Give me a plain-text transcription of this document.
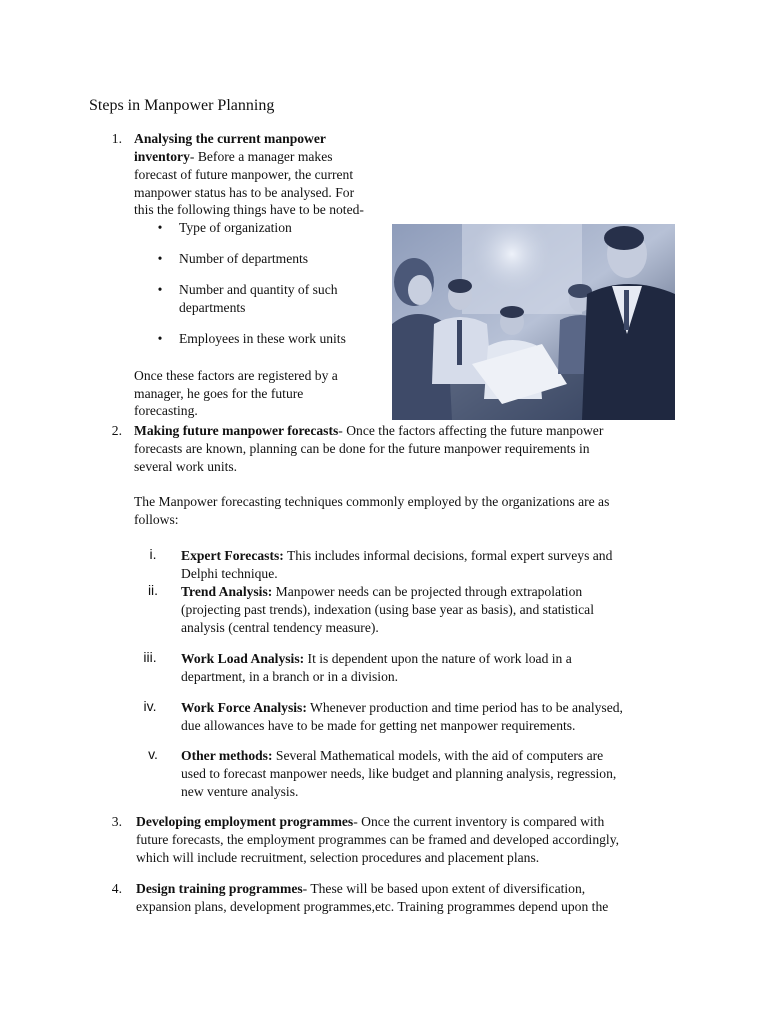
Steps in Manpower Planning
1. Analysing the current manpower
inventory- Before a manager makes
forecast of future manpower, the current
manpower status has to be analysed. For
this the following things have to be noted-
•
Type of organization
•
Number of departments
•
Number and quantity of such
departments
•
Employees in these work units
Once these factors are registered by a
manager, he goes for the future
forecasting.
2. Making future manpower forecasts- Once the factors affecting the future manpower
forecasts are known, planning can be done for the future manpower requirements in
several work units.
The Manpower forecasting techniques commonly employed by the organizations are as
follows:
i.	Expert Forecasts: This includes informal decisions, formal expert surveys and
Delphi technique.
ii.	Trend Analysis: Manpower needs can be projected through extrapolation
(projecting past trends), indexation (using base year as basis), and statistical
analysis (central tendency measure).
iii.	Work Load Analysis: It is dependent upon the nature of work load in a
department, in a branch or in a division.
iv.	Work Force Analysis: Whenever production and time period has to be analysed,
due allowances have to be made for getting net manpower requirements.
v.	Other methods: Several Mathematical models, with the aid of computers are
used to forecast manpower needs, like budget and planning analysis, regression,
new venture analysis.
3. Developing employment programmes- Once the current inventory is compared with
future forecasts, the employment programmes can be framed and developed accordingly,
which will include recruitment, selection procedures and placement plans.
4. Design training programmes- These will be based upon extent of diversification,
expansion plans, development programmes,etc. Training programmes depend upon the
